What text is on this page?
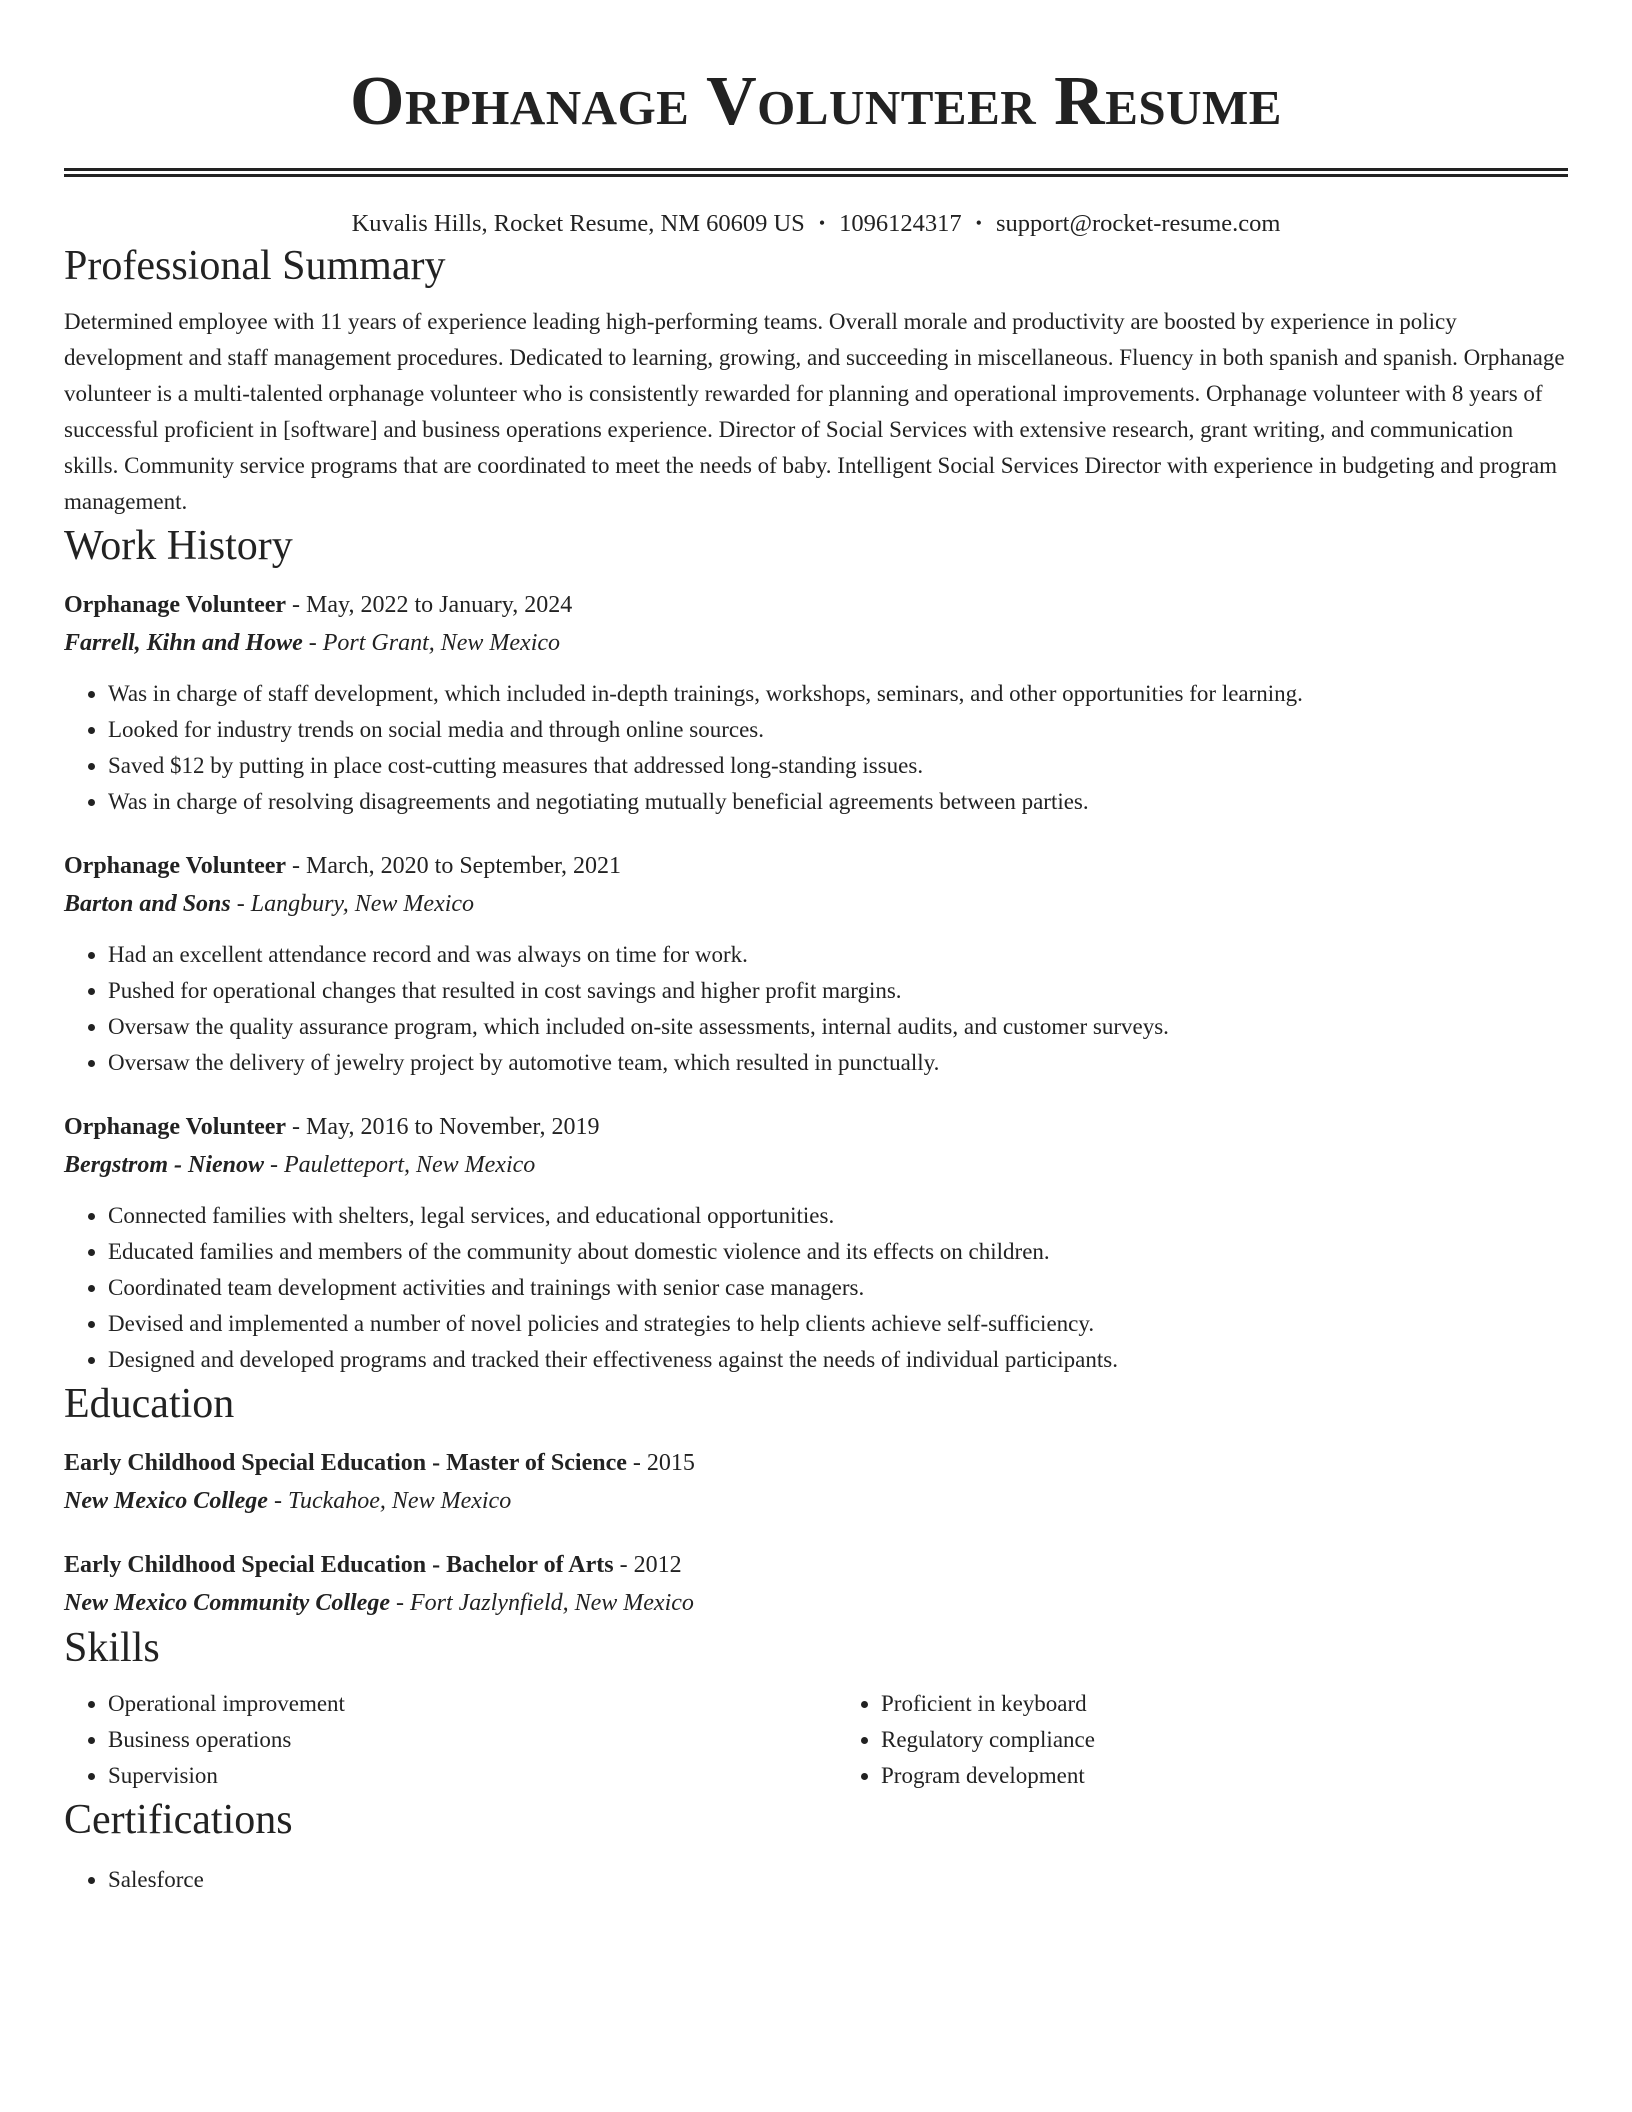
Orphanage Volunteer Resume
Kuvalis Hills, Rocket Resume, NM 60609 US • 1096124317 • support@rocket-resume.com
Professional Summary
Determined employee with 11 years of experience leading high-performing teams. Overall morale and productivity are boosted by experience in policy development and staff management procedures. Dedicated to learning, growing, and succeeding in miscellaneous. Fluency in both spanish and spanish. Orphanage volunteer is a multi-talented orphanage volunteer who is consistently rewarded for planning and operational improvements. Orphanage volunteer with 8 years of successful proficient in [software] and business operations experience. Director of Social Services with extensive research, grant writing, and communication skills. Community service programs that are coordinated to meet the needs of baby. Intelligent Social Services Director with experience in budgeting and program management.
Work History
Orphanage Volunteer - May, 2022 to January, 2024
Farrell, Kihn and Howe - Port Grant, New Mexico
• Was in charge of staff development, which included in-depth trainings, workshops, seminars, and other opportunities for learning.
• Looked for industry trends on social media and through online sources.
• Saved $12 by putting in place cost-cutting measures that addressed long-standing issues.
• Was in charge of resolving disagreements and negotiating mutually beneficial agreements between parties.
Orphanage Volunteer - March, 2020 to September, 2021
Barton and Sons - Langbury, New Mexico
• Had an excellent attendance record and was always on time for work.
• Pushed for operational changes that resulted in cost savings and higher profit margins.
• Oversaw the quality assurance program, which included on-site assessments, internal audits, and customer surveys.
• Oversaw the delivery of jewelry project by automotive team, which resulted in punctually.
Orphanage Volunteer - May, 2016 to November, 2019
Bergstrom - Nienow - Pauletteport, New Mexico
• Connected families with shelters, legal services, and educational opportunities.
• Educated families and members of the community about domestic violence and its effects on children.
• Coordinated team development activities and trainings with senior case managers.
• Devised and implemented a number of novel policies and strategies to help clients achieve self-sufficiency.
• Designed and developed programs and tracked their effectiveness against the needs of individual participants.
Education
Early Childhood Special Education - Master of Science - 2015
New Mexico College - Tuckahoe, New Mexico
Early Childhood Special Education - Bachelor of Arts - 2012
New Mexico Community College - Fort Jazlynfield, New Mexico
Skills
• Operational improvement
• Business operations
• Supervision
• Proficient in keyboard
• Regulatory compliance
• Program development
Certifications
• Salesforce
